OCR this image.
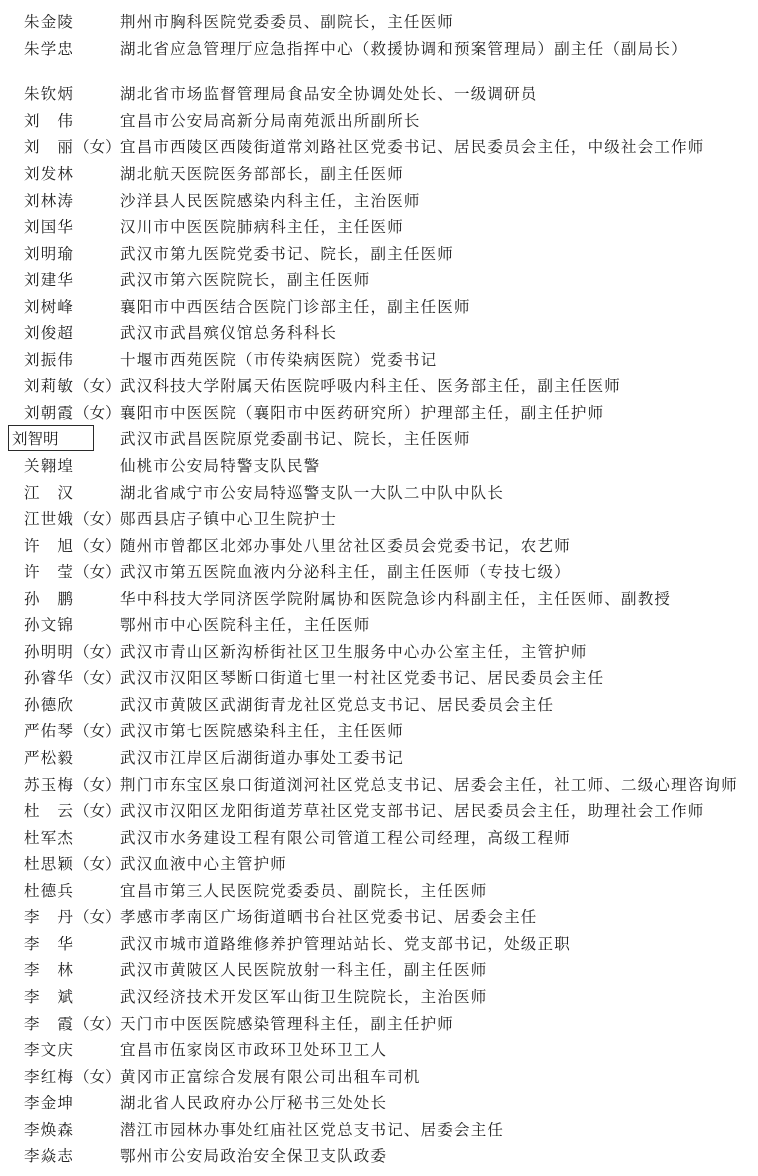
朱金陵	荆州市胸科医院党委委员、副院长，主任医师
朱学忠	湖北省应急管理厅应急指挥中心（救援协调和预案管理局）副主任（副局长）
朱钦炳	湖北省市场监督管理局食品安全协调处处长、一级调研员
刘　伟	宜昌市公安局高新分局南苑派出所副所长
刘　丽 （女） 宜昌市西陵区西陵街道常刘路社区党委书记、居民委员会主任，中级社会工作师
刘发林	湖北航天医院医务部部长，副主任医师
刘林涛	沙洋县人民医院感染内科主任，主治医师
刘国华	汉川市中医医院肺病科主任，主任医师
刘明瑜	武汉市第九医院党委书记、院长，副主任医师
刘建华	武汉市第六医院院长，副主任医师
刘树峰	襄阳市中西医结合医院门诊部主任，副主任医师
刘俊超	武汉市武昌殡仪馆总务科科长
刘振伟	十堰市西苑医院（市传染病医院）党委书记
刘莉敏 （女） 武汉科技大学附属天佑医院呼吸内科主任、医务部主任，副主任医师
刘朝霞 （女） 襄阳市中医医院（襄阳市中医药研究所）护理部主任，副主任护师
刘智明	武汉市武昌医院原党委副书记、院长，主任医师
关翱堭	仙桃市公安局特警支队民警
江　汉	湖北省咸宁市公安局特巡警支队一大队二中队中队长
江世娥 （女） 郧西县店子镇中心卫生院护士
许　旭 （女） 随州市曾都区北郊办事处八里岔社区委员会党委书记，农艺师
许　莹 （女） 武汉市第五医院血液内分泌科主任，副主任医师（专技七级）
孙　鹏	华中科技大学同济医学院附属协和医院急诊内科副主任，主任医师、副教授
孙文锦	鄂州市中心医院科主任，主任医师
孙明明 （女） 武汉市青山区新沟桥街社区卫生服务中心办公室主任，主管护师
孙睿华 （女） 武汉市汉阳区琴断口街道七里一村社区党委书记、居民委员会主任
孙德欣	武汉市黄陂区武湖街青龙社区党总支书记、居民委员会主任
严佑琴 （女） 武汉市第七医院感染科主任，主任医师
严松毅	武汉市江岸区后湖街道办事处工委书记
苏玉梅 （女） 荆门市东宝区泉口街道浏河社区党总支书记、居委会主任，社工师、二级心理咨询师
杜　云 （女） 武汉市汉阳区龙阳街道芳草社区党支部书记、居民委员会主任，助理社会工作师
杜军杰	武汉市水务建设工程有限公司管道工程公司经理，高级工程师
杜思颖 （女） 武汉血液中心主管护师
杜德兵	宜昌市第三人民医院党委委员、副院长，主任医师
李　丹 （女） 孝感市孝南区广场街道晒书台社区党委书记、居委会主任
李　华	武汉市城市道路维修养护管理站站长、党支部书记，处级正职
李　林	武汉市黄陂区人民医院放射一科主任，副主任医师
李　斌	武汉经济技术开发区军山街卫生院院长，主治医师
李　霞 （女） 天门市中医医院感染管理科主任，副主任护师
李文庆	宜昌市伍家岗区市政环卫处环卫工人
李红梅 （女） 黄冈市正富综合发展有限公司出租车司机
李金坤	湖北省人民政府办公厅秘书三处处长
李焕森	潜江市园林办事处红庙社区党总支书记、居委会主任
李焱志	鄂州市公安局政治安全保卫支队政委
